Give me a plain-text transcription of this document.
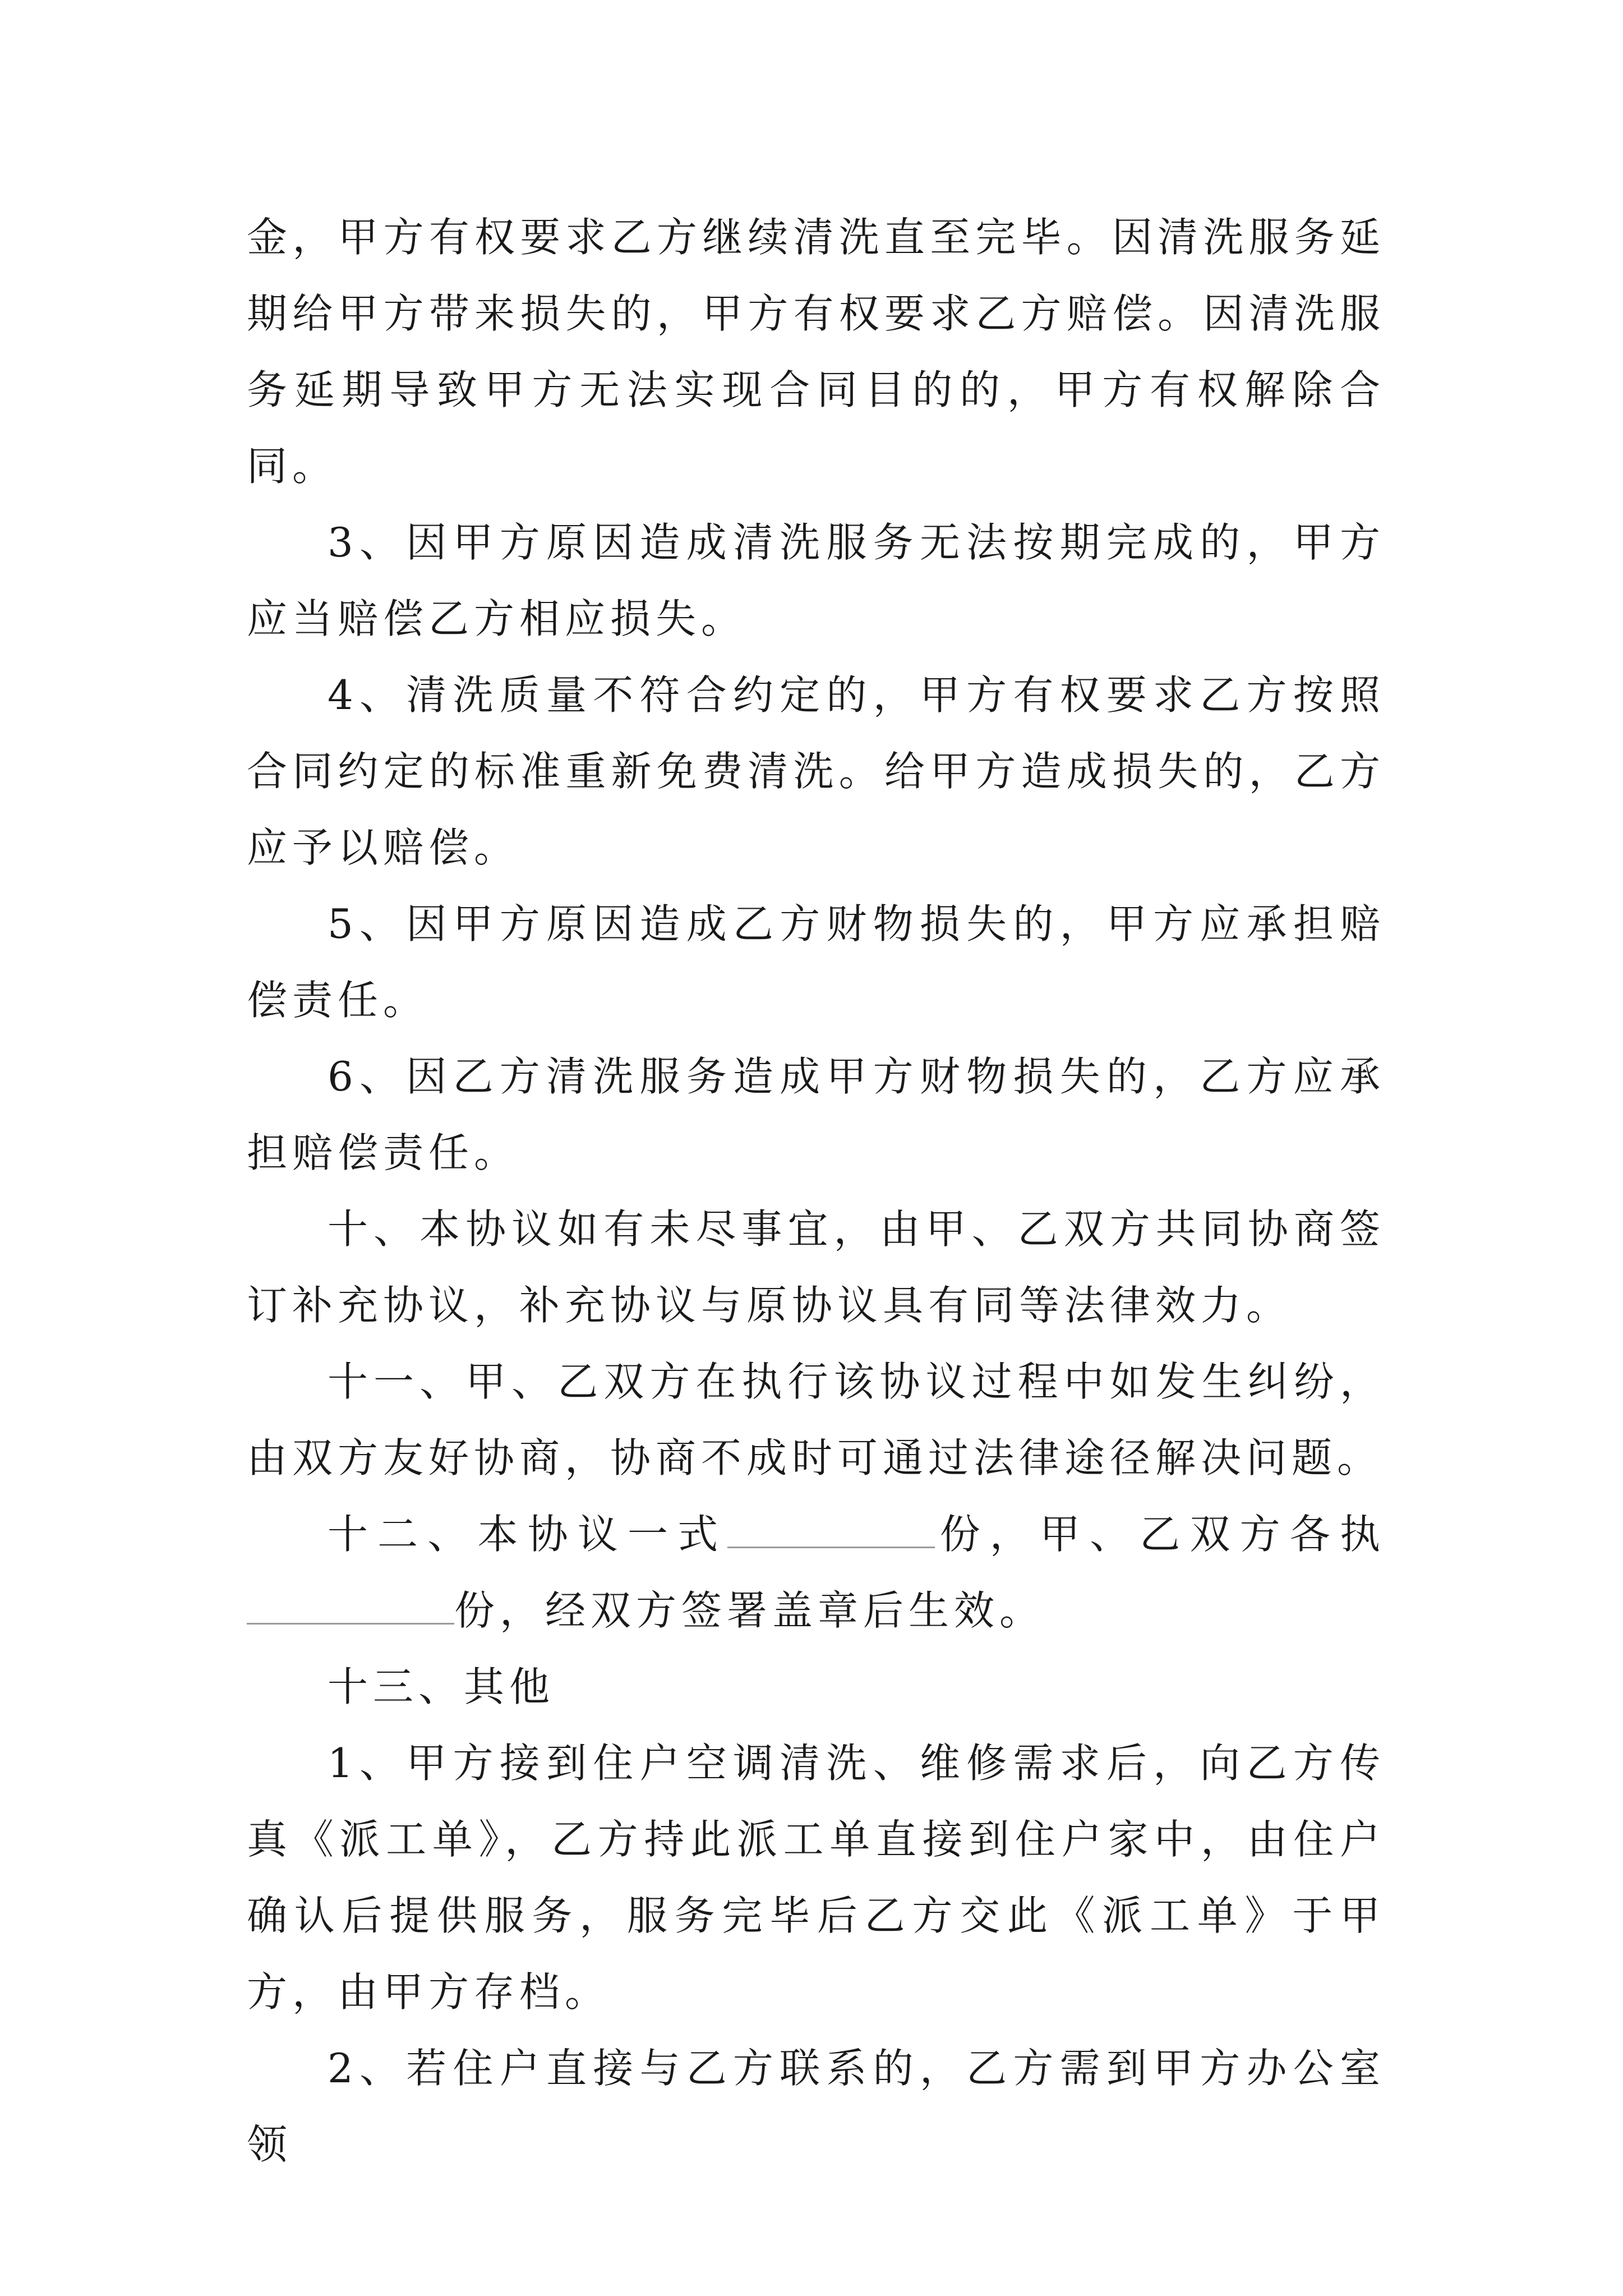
金，甲方有权要求乙方继续清洗直至完毕。因清洗服务延期给甲方带来损失的，甲方有权要求乙方赔偿。因清洗服务延期导致甲方无法实现合同目的的，甲方有权解除合同。

3、因甲方原因造成清洗服务无法按期完成的，甲方应当赔偿乙方相应损失。

4、清洗质量不符合约定的，甲方有权要求乙方按照合同约定的标准重新免费清洗。给甲方造成损失的，乙方应予以赔偿。

5、因甲方原因造成乙方财物损失的，甲方应承担赔偿责任。

6、因乙方清洗服务造成甲方财物损失的，乙方应承担赔偿责任。

十、本协议如有未尽事宜，由甲、乙双方共同协商签订补充协议，补充协议与原协议具有同等法律效力。

十一、甲、乙双方在执行该协议过程中如发生纠纷，由双方友好协商，协商不成时可通过法律途径解决问题。

十二、本协议一式	份，甲、乙双方各执份，经双方签署盖章后生效。

十三、其他

1、甲方接到住户空调清洗、维修需求后，向乙方传真《派工单》，乙方持此派工单直接到住户家中，由住户确认后提供服务，服务完毕后乙方交此《派工单》于甲方，由甲方存档。

2、若住户直接与乙方联系的，乙方需到甲方办公室领
